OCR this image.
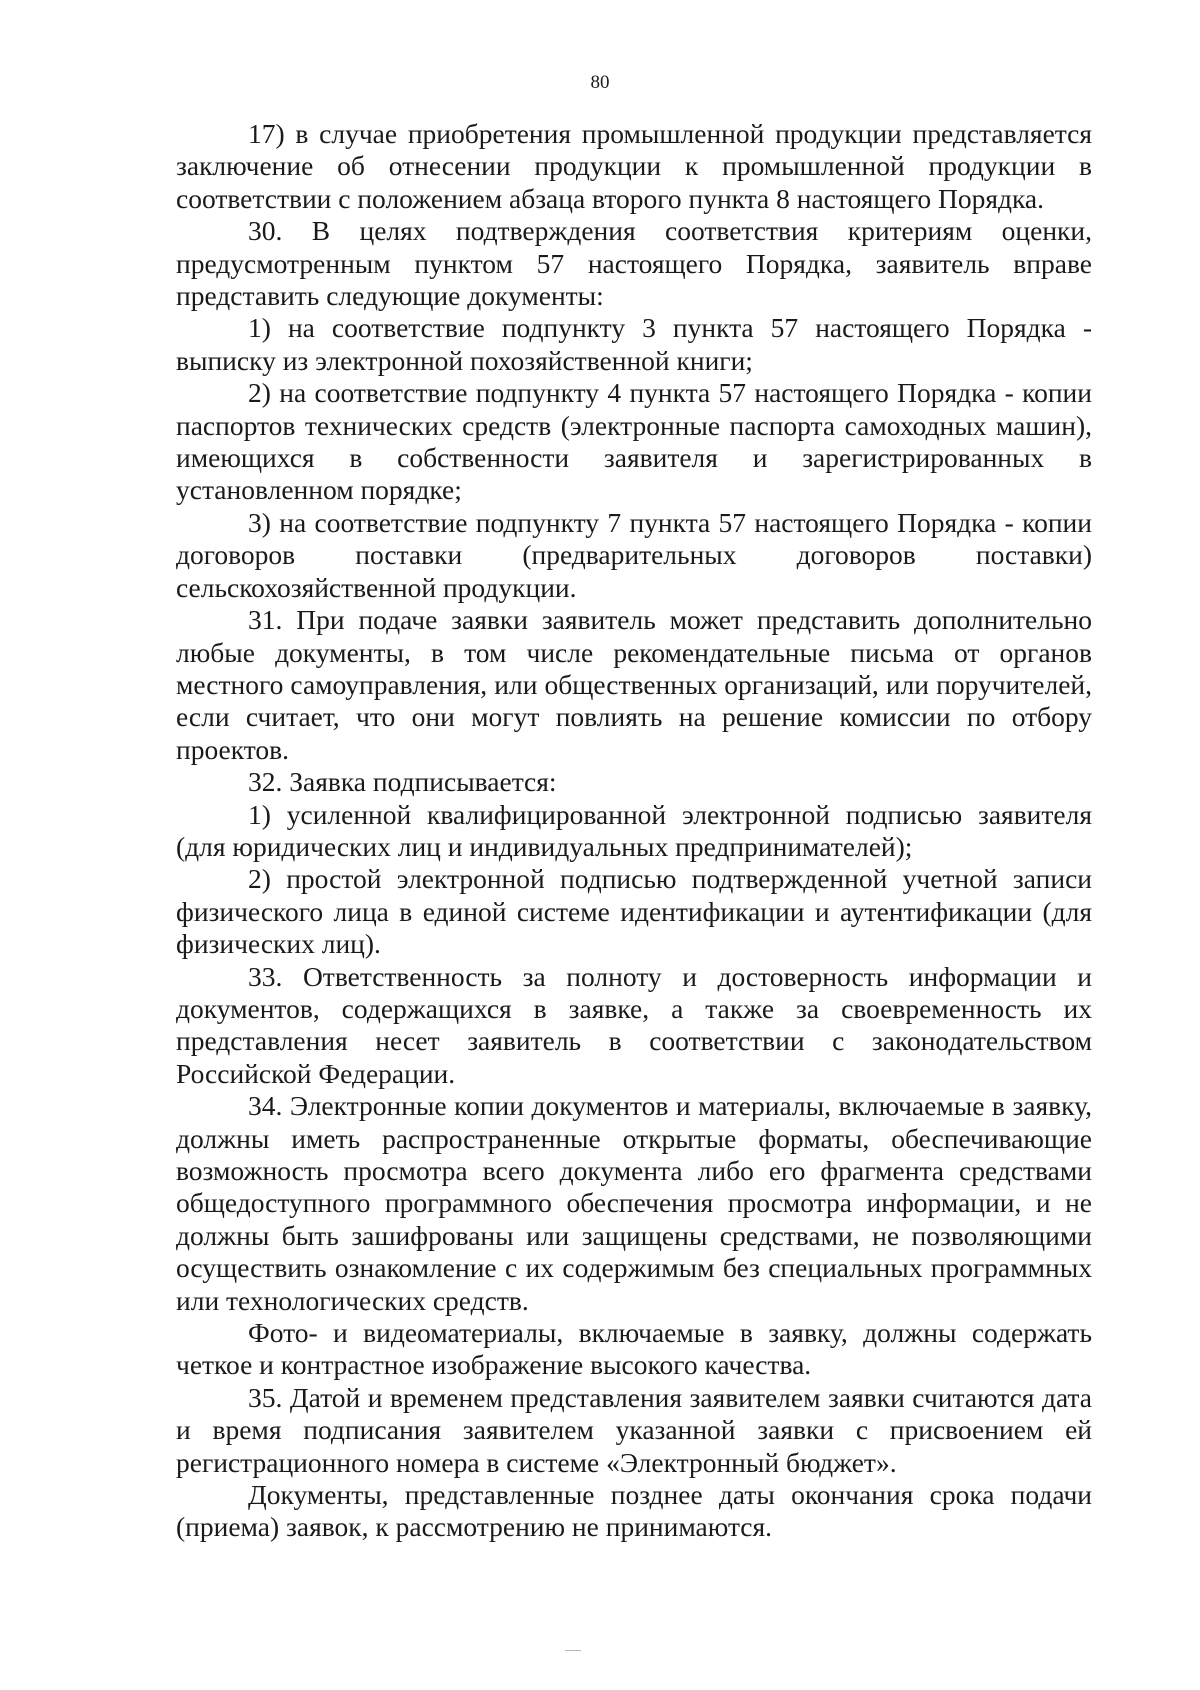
80

17) в случае приобретения промышленной продукции представляется заключение об отнесении продукции к промышленной продукции в соответствии с положением абзаца второго пункта 8 настоящего Порядка.

30. В целях подтверждения соответствия критериям оценки, предусмотренным пунктом 57 настоящего Порядка, заявитель вправе представить следующие документы:

1) на соответствие подпункту 3 пункта 57 настоящего Порядка - выписку из электронной похозяйственной книги;

2) на соответствие подпункту 4 пункта 57 настоящего Порядка - копии паспортов технических средств (электронные паспорта самоходных машин), имеющихся в собственности заявителя и зарегистрированных в установленном порядке;

3) на соответствие подпункту 7 пункта 57 настоящего Порядка - копии договоров поставки (предварительных договоров поставки) сельскохозяйственной продукции.

31. При подаче заявки заявитель может представить дополнительно любые документы, в том числе рекомендательные письма от органов местного самоуправления, или общественных организаций, или поручителей, если считает, что они могут повлиять на решение комиссии по отбору проектов.

32. Заявка подписывается:

1) усиленной квалифицированной электронной подписью заявителя (для юридических лиц и индивидуальных предпринимателей);

2) простой электронной подписью подтвержденной учетной записи физического лица в единой системе идентификации и аутентификации (для физических лиц).

33. Ответственность за полноту и достоверность информации и документов, содержащихся в заявке, а также за своевременность их представления несет заявитель в соответствии с законодательством Российской Федерации.

34. Электронные копии документов и материалы, включаемые в заявку, должны иметь распространенные открытые форматы, обеспечивающие возможность просмотра всего документа либо его фрагмента средствами общедоступного программного обеспечения просмотра информации, и не должны быть зашифрованы или защищены средствами, не позволяющими осуществить ознакомление с их содержимым без специальных программных или технологических средств.

Фото- и видеоматериалы, включаемые в заявку, должны содержать четкое и контрастное изображение высокого качества.

35. Датой и временем представления заявителем заявки считаются дата и время подписания заявителем указанной заявки с присвоением ей регистрационного номера в системе «Электронный бюджет».

Документы, представленные позднее даты окончания срока подачи (приема) заявок, к рассмотрению не принимаются.
